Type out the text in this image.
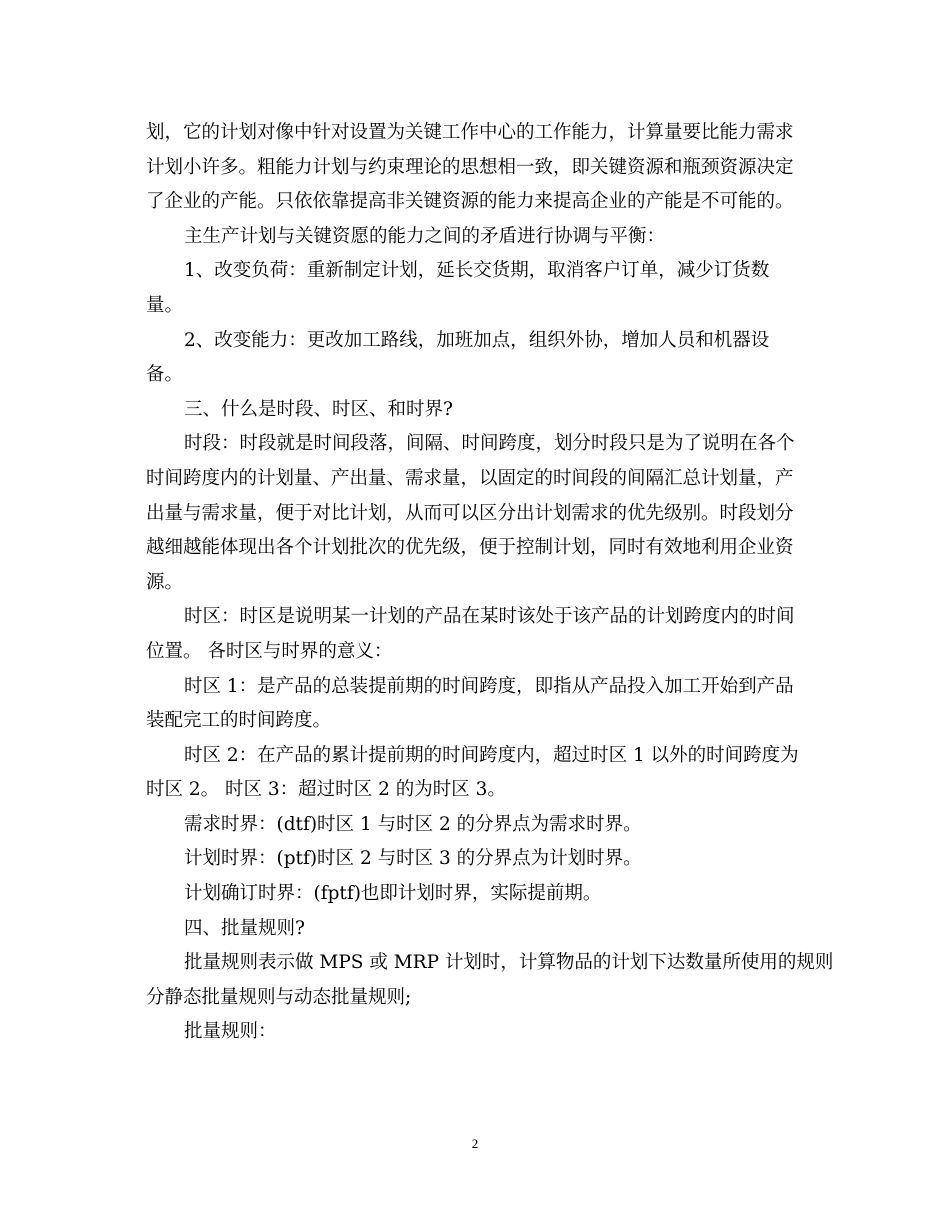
划，它的计划对像中针对设置为关键工作中心的工作能力，计算量要比能力需求
计划小许多。粗能力计划与约束理论的思想相一致，即关键资源和瓶颈资源决定
了企业的产能。只依依靠提高非关键资源的能力来提高企业的产能是不可能的。
主生产计划与关键资愿的能力之间的矛盾进行协调与平衡：
1、改变负荷：重新制定计划，延长交货期，取消客户订单，减少订货数
量。
2、改变能力：更改加工路线，加班加点，组织外协，增加人员和机器设
备。
三、什么是时段、时区、和时界?
时段：时段就是时间段落，间隔、时间跨度，划分时段只是为了说明在各个
时间跨度内的计划量、产出量、需求量，以固定的时间段的间隔汇总计划量，产
出量与需求量，便于对比计划，从而可以区分出计划需求的优先级别。时段划分
越细越能体现出各个计划批次的优先级，便于控制计划，同时有效地利用企业资
源。
时区：时区是说明某一计划的产品在某时该处于该产品的计划跨度内的时间
位置。 各时区与时界的意义：
时区 1：是产品的总装提前期的时间跨度，即指从产品投入加工开始到产品
装配完工的时间跨度。
时区 2：在产品的累计提前期的时间跨度内，超过时区 1 以外的时间跨度为
时区 2。 时区 3：超过时区 2 的为时区 3。
需求时界：(dtf)时区 1 与时区 2 的分界点为需求时界。
计划时界：(ptf)时区 2 与时区 3 的分界点为计划时界。
计划确订时界：(fptf)也即计划时界，实际提前期。
四、批量规则?
批量规则表示做 MPS 或 MRP 计划时，计算物品的计划下达数量所使用的规则
分静态批量规则与动态批量规则;
批量规则：
2
